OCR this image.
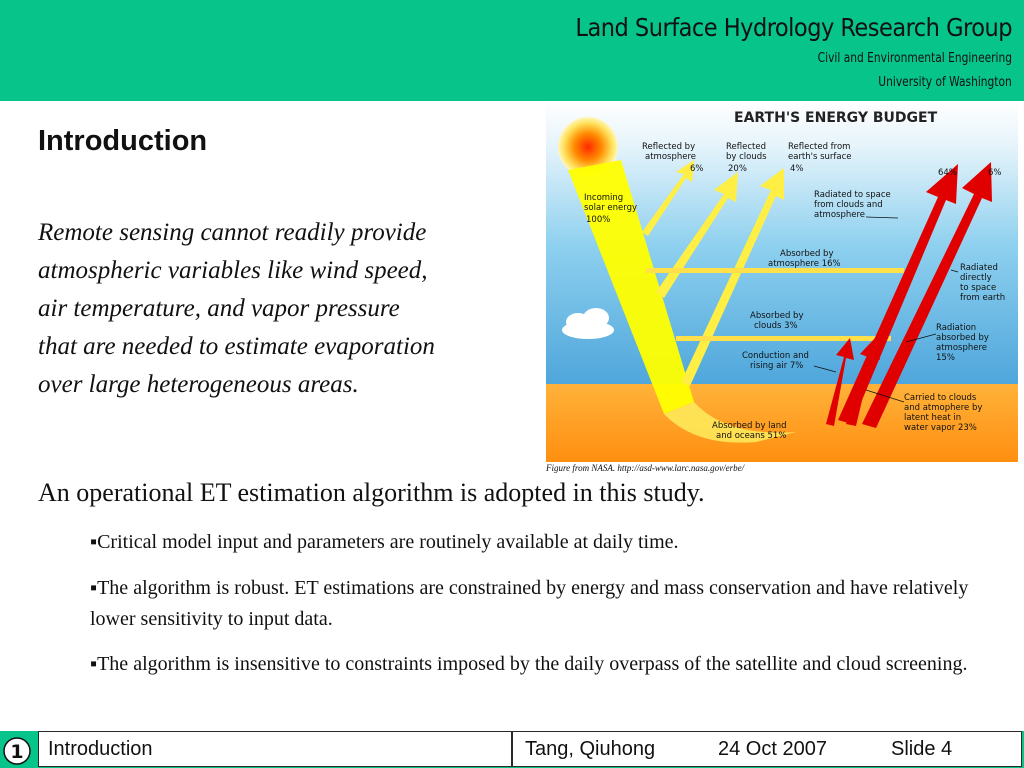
Land Surface Hydrology Research Group
Civil and Environmental Engineering
University of Washington
Introduction
Remote sensing cannot readily provide
atmospheric variables like wind speed,
air temperature, and vapor pressure
that are needed to estimate evaporation
over large heterogeneous areas.
EARTH'S ENERGY BUDGET
Reflected by atmosphere 6%
Reflected by clouds 20%
Reflected from earth's surface 4%
Incoming solar energy 100%
64%	6%
Radiated to space from clouds and atmosphere
Absorbed by atmosphere 16%	Radiated directly to space from earth
Absorbed by clouds 3%	Radiation absorbed by atmosphere 15%
Conduction and rising air 7%
Carried to clouds and atmophere by latent heat in water vapor 23%
Absorbed by land and oceans 51%
Figure from NASA. http://asd-www.larc.nasa.gov/erbe/
An operational ET estimation algorithm is adopted in this study.
▪Critical model input and parameters are routinely available at daily time.
▪The algorithm is robust. ET estimations are constrained by energy and mass conservation and have relatively lower sensitivity to input data.
▪The algorithm is insensitive to constraints imposed by the daily overpass of the satellite and cloud screening.
1 Introduction	Tang, Qiuhong	24 Oct 2007	Slide 4
